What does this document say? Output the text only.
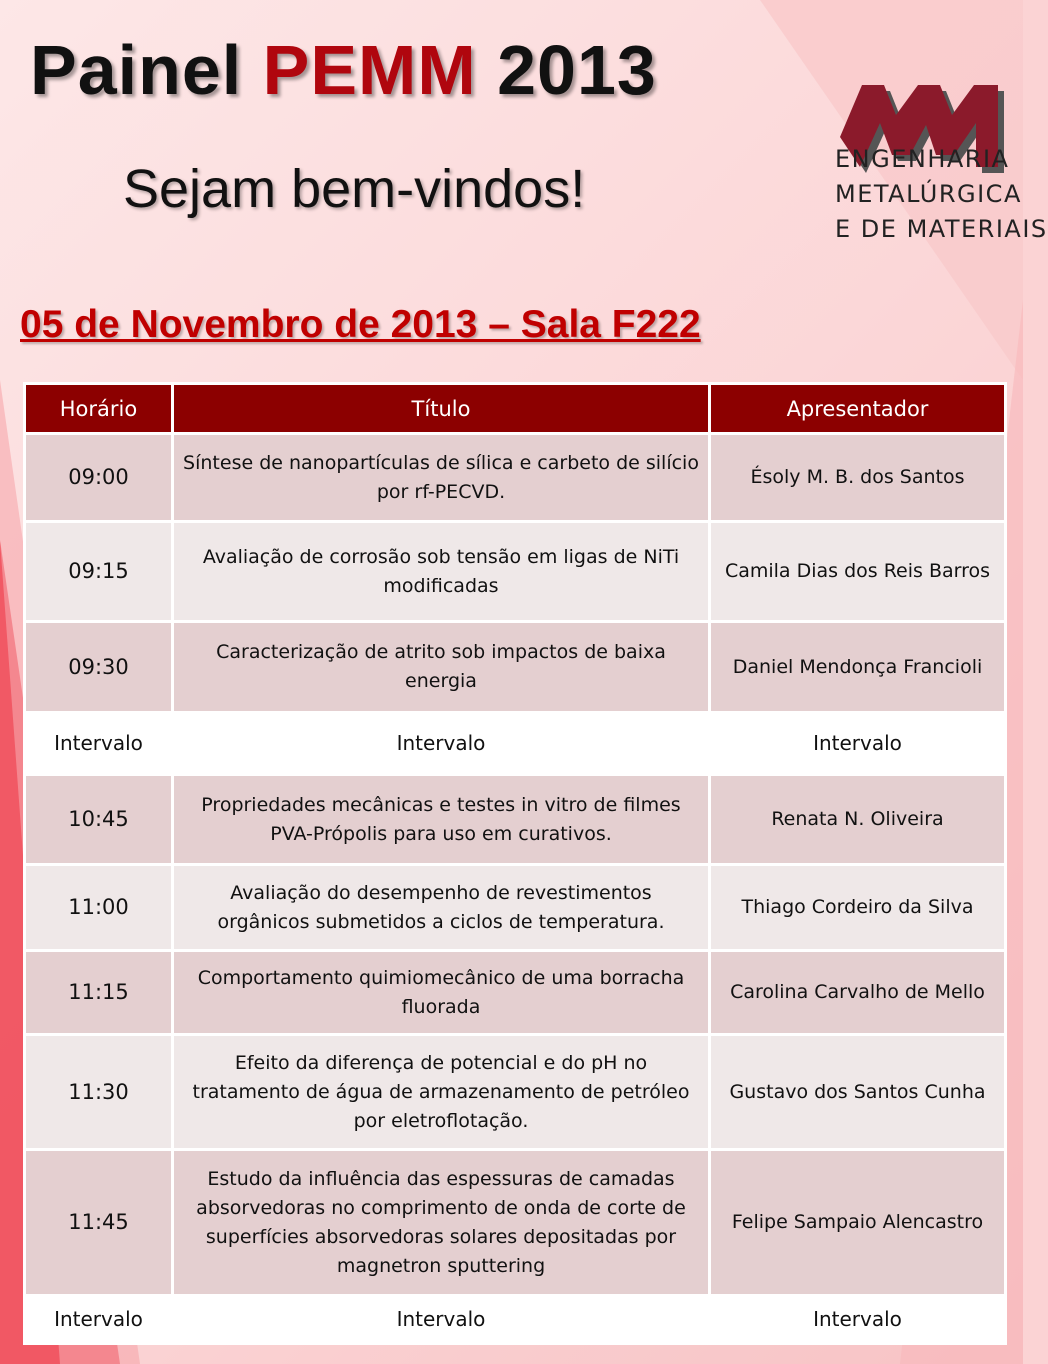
Painel PEMM 2013
Sejam bem-vindos!	ENGENHARIA
METALÚRGICA
E DE MATERIAIS
05 de Novembro de 2013 – Sala F222
Horário	Título	Apresentador
09:00	Síntese de nanopartículas de sílica e carbeto de silício por rf-PECVD.	Ésoly M. B. dos Santos
09:15	Avaliação de corrosão sob tensão em ligas de NiTi modificadas	Camila Dias dos Reis Barros
09:30	Caracterização de atrito sob impactos de baixa energia	Daniel Mendonça Francioli
Intervalo	Intervalo	Intervalo
10:45	Propriedades mecânicas e testes in vitro de filmes PVA-Própolis para uso em curativos.	Renata N. Oliveira
11:00	Avaliação do desempenho de revestimentos orgânicos submetidos a ciclos de temperatura.	Thiago Cordeiro da Silva
11:15	Comportamento quimiomecânico de uma borracha fluorada	Carolina Carvalho de Mello
11:30	Efeito da diferença de potencial e do pH no tratamento de água de armazenamento de petróleo por eletroflotação.	Gustavo dos Santos Cunha
11:45	Estudo da influência das espessuras de camadas absorvedoras no comprimento de onda de corte de superfícies absorvedoras solares depositadas por magnetron sputtering	Felipe Sampaio Alencastro
Intervalo	Intervalo	Intervalo
